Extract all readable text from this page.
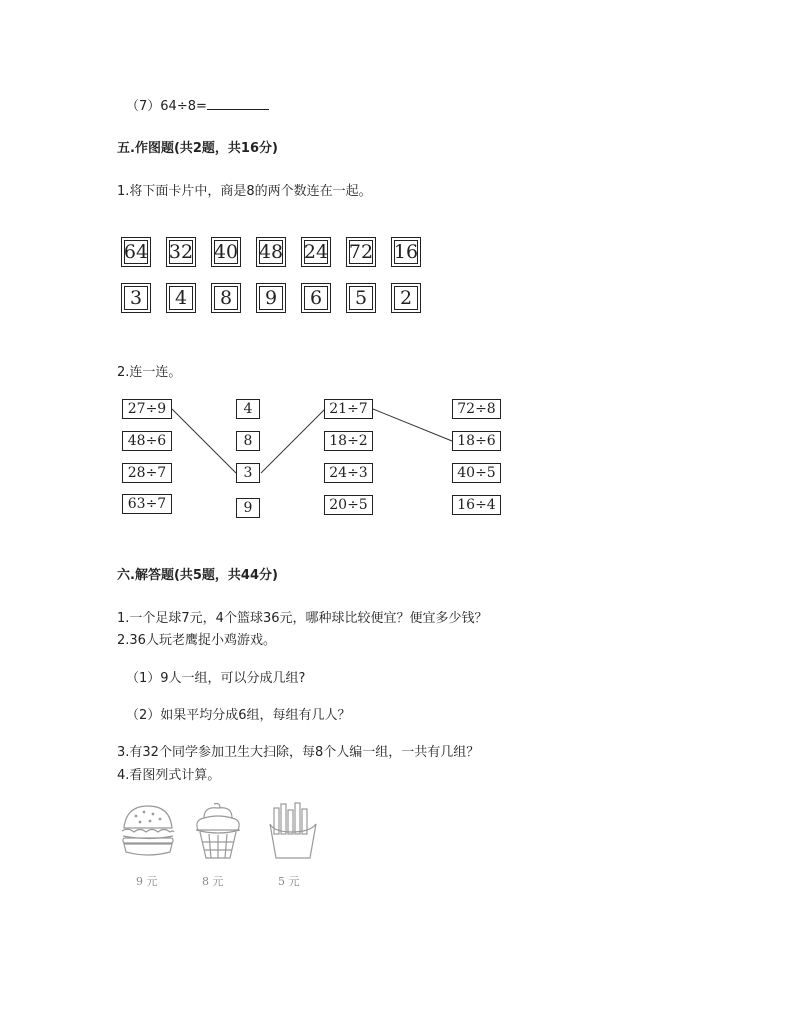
（7）64÷8=
五.作图题(共2题，共16分)
1.将下面卡片中，商是8的两个数连在一起。
64 32 40 48 24 72 16
3 4 8 9 6 5 2
2.连一连。
27÷9
48÷6
28÷7
63÷7
4
8
3
9
21÷7
18÷2
24÷3
20÷5
72÷8
18÷6
40÷5
16÷4
六.解答题(共5题，共44分)
1.一个足球7元，4个篮球36元，哪种球比较便宜？便宜多少钱？
2.36人玩老鹰捉小鸡游戏。
（1）9人一组，可以分成几组?
（2）如果平均分成6组，每组有几人？
3.有32个同学参加卫生大扫除，每8个人编一组，一共有几组？
4.看图列式计算。
9 元	8 元	5 元
